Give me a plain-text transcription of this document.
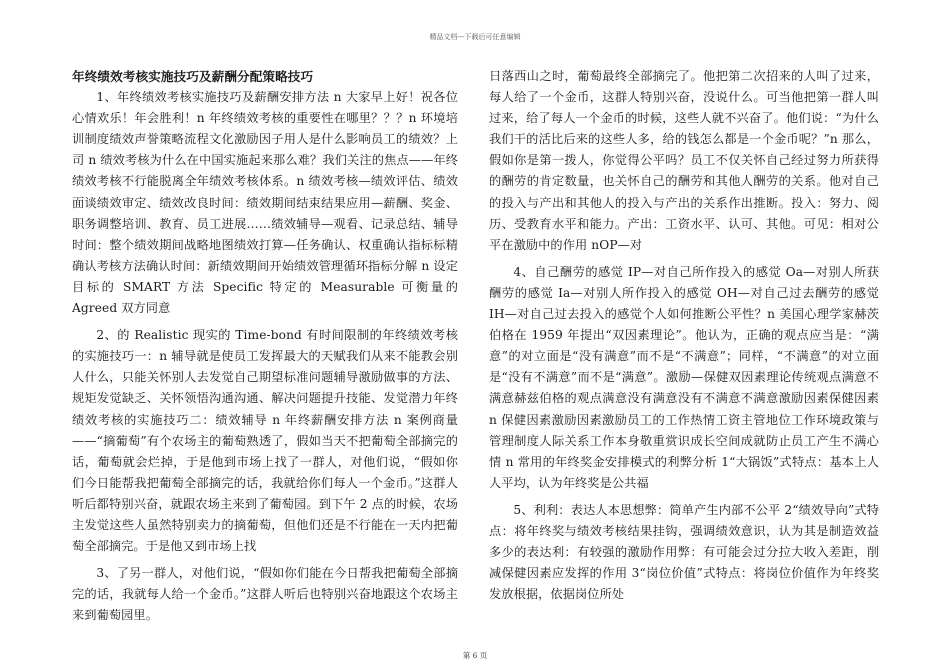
精品文档---下载后可任意编辑

年终绩效考核实施技巧及薪酬分配策略技巧

1、年终绩效考核实施技巧及薪酬安排方法 n 大家早上好！祝各位心情欢乐！年会胜利！n 年终绩效考核的重要性在哪里？？？n 环境培训制度绩效声誉策略流程文化激励因子用人是什么影响员工的绩效？上司 n 绩效考核为什么在中国实施起来那么难？我们关注的焦点——年终绩效考核不行能脱离全年绩效考核体系。n 绩效考核—绩效评估、绩效面谈绩效审定、绩效改良时间：绩效期间结束结果应用—薪酬、奖金、职务调整培训、教育、员工进展……绩效辅导—观看、记录总结、辅导时间：整个绩效期间战略地图绩效打算—任务确认、权重确认指标标精确认考核方法确认时间：新绩效期间开始绩效管理循环指标分解 n 设定目标的 SMART 方法 Specific 特定的 Measurable 可衡量的 Agreed 双方同意

2、的 Realistic 现实的 Time-bond 有时间限制的年终绩效考核的实施技巧一：n 辅导就是使员工发挥最大的天赋我们从来不能教会别人什么，只能关怀别人去发觉自己期望标准问题辅导激励做事的方法、规矩发觉缺乏、关怀领悟沟通沟通、解决问题提升技能、发觉潜力年终绩效考核的实施技巧二：绩效辅导 n 年终薪酬安排方法 n 案例商量——“摘葡萄”有个农场主的葡萄熟透了，假如当天不把葡萄全部摘完的话，葡萄就会烂掉，于是他到市场上找了一群人，对他们说，“假如你们今日能帮我把葡萄全部摘完的话，我就给你们每人一个金币。”这群人听后都特别兴奋，就跟农场主来到了葡萄园。到下午 2 点的时候，农场主发觉这些人虽然特别卖力的摘葡萄，但他们还是不行能在一天内把葡萄全部摘完。于是他又到市场上找

3、了另一群人，对他们说，“假如你们能在今日帮我把葡萄全部摘完的话，我就每人给一个金币。”这群人听后也特别兴奋地跟这个农场主来到葡萄园里。

日落西山之时，葡萄最终全部摘完了。他把第二次招来的人叫了过来，每人给了一个金币，这群人特别兴奋，没说什么。可当他把第一群人叫过来，给了每人一个金币的时候，这些人就不兴奋了。他们说：“为什么我们干的活比后来的这些人多，给的钱怎么都是一个金币呢？”n 那么，假如你是第一拨人，你觉得公平吗？员工不仅关怀自己经过努力所获得的酬劳的肯定数量，也关怀自己的酬劳和其他人酬劳的关系。他对自己的投入与产出和其他人的投入与产出的关系作出推断。投入：努力、阅历、受教育水平和能力。产出：工资水平、认可、其他。可见：相对公平在激励中的作用 nOP—对

4、自己酬劳的感觉 IP—对自己所作投入的感觉 Oa—对别人所获酬劳的感觉 Ia—对别人所作投入的感觉 OH—对自己过去酬劳的感觉 IH—对自己过去投入的感觉个人如何推断公平性？n 美国心理学家赫茨伯格在 1959 年提出“双因素理论”。他认为，正确的观点应当是：“满意”的对立面是“没有满意”而不是“不满意”；同样，“不满意”的对立面是“没有不满意”而不是“满意”。激励—保健双因素理论传统观点满意不满意赫兹伯格的观点满意没有满意没有不满意不满意激励因素保健因素 n 保健因素激励因素激励员工的工作热情工资主管地位工作环境政策与管理制度人际关系工作本身敬重赏识成长空间成就防止员工产生不满心情 n 常用的年终奖金安排模式的利弊分析 1“大锅饭”式特点：基本上人人平均，认为年终奖是公共福

5、利利：表达人本思想弊：简单产生内部不公平 2“绩效导向”式特点：将年终奖与绩效考核结果挂钩，强调绩效意识，认为其是制造效益多少的表达利：有较强的激励作用弊：有可能会过分拉大收入差距，削减保健因素应发挥的作用 3“岗位价值”式特点：将岗位价值作为年终奖发放根据，依据岗位所处

第 6 页
